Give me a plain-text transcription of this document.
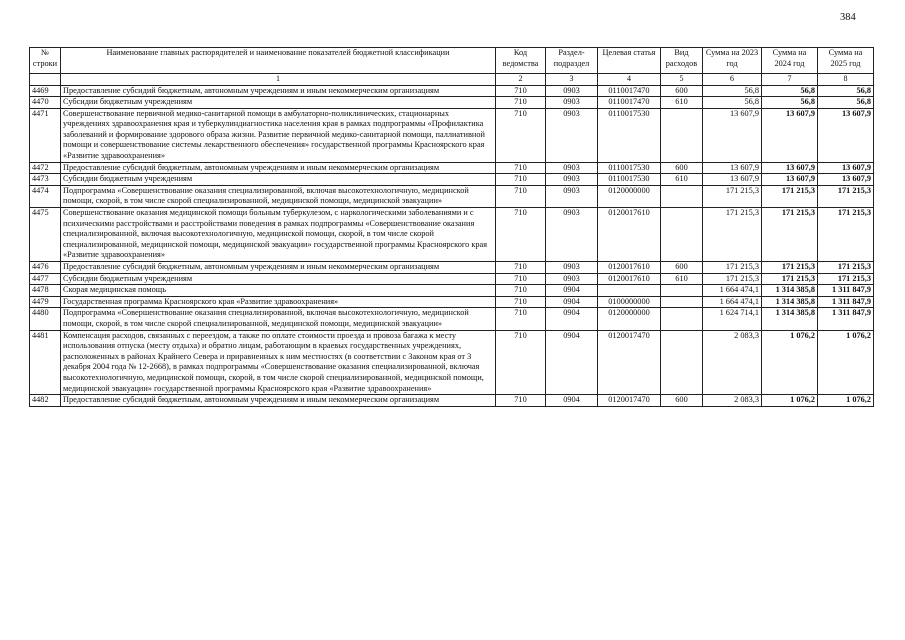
384
№ строки	Наименование главных распорядителей и наименование показателей бюджетной классификации	Код ведомства	Раздел-подраздел	Целевая статья	Вид расходов	Сумма на 2023 год	Сумма на 2024 год	Сумма на 2025 год
	1	2	3	4	5	6	7	8
4469	Предоставление субсидий бюджетным, автономным учреждениям и иным некоммерческим организациям	710	0903	0110017470	600	56,8	56,8	56,8
4470	Субсидии бюджетным учреждениям	710	0903	0110017470	610	56,8	56,8	56,8
4471	Совершенствование первичной медико-санитарной помощи в амбулаторно-поликлинических, стационарных учреждениях здравоохранения края и туберкулиндиагностика населения края в рамках подпрограммы «Профилактика заболеваний и формирование здорового образа жизни. Развитие первичной медико-санитарной помощи, паллиативной помощи и совершенствование системы лекарственного обеспечения» государственной программы Красноярского края «Развитие здравоохранения»	710	0903	0110017530		13 607,9	13 607,9	13 607,9
4472	Предоставление субсидий бюджетным, автономным учреждениям и иным некоммерческим организациям	710	0903	0110017530	600	13 607,9	13 607,9	13 607,9
4473	Субсидии бюджетным учреждениям	710	0903	0110017530	610	13 607,9	13 607,9	13 607,9
4474	Подпрограмма «Совершенствование оказания специализированной, включая высокотехнологичную, медицинской помощи, скорой, в том числе скорой специализированной, медицинской помощи, медицинской эвакуации»	710	0903	0120000000		171 215,3	171 215,3	171 215,3
4475	Совершенствование оказания медицинской помощи больным туберкулезом, с наркологическими заболеваниями и с психическими расстройствами и расстройствами поведения в рамках подпрограммы «Совершенствование оказания специализированной, включая высокотехнологичную, медицинской помощи, скорой, в том числе скорой специализированной, медицинской помощи, медицинской эвакуации» государственной программы Красноярского края «Развитие здравоохранения»	710	0903	0120017610		171 215,3	171 215,3	171 215,3
4476	Предоставление субсидий бюджетным, автономным учреждениям и иным некоммерческим организациям	710	0903	0120017610	600	171 215,3	171 215,3	171 215,3
4477	Субсидии бюджетным учреждениям	710	0903	0120017610	610	171 215,3	171 215,3	171 215,3
4478	Скорая медицинская помощь	710	0904			1 664 474,1	1 314 385,8	1 311 847,9
4479	Государственная программа Красноярского края «Развитие здравоохранения»	710	0904	0100000000		1 664 474,1	1 314 385,8	1 311 847,9
4480	Подпрограмма «Совершенствование оказания специализированной, включая высокотехнологичную, медицинской помощи, скорой, в том числе скорой специализированной, медицинской помощи, медицинской эвакуации»	710	0904	0120000000		1 624 714,1	1 314 385,8	1 311 847,9
4481	Компенсация расходов, связанных с переездом, а также по оплате стоимости проезда и провоза багажа к месту использования отпуска (месту отдыха) и обратно лицам, работающим в краевых государственных учреждениях, расположенных в районах Крайнего Севера и приравненных к ним местностях (в соответствии с Законом края от 3 декабря 2004 года № 12-2668), в рамках подпрограммы «Совершенствование оказания специализированной, включая высокотехнологичную, медицинской помощи, скорой, в том числе скорой специализированной, медицинской помощи, медицинской эвакуации» государственной программы Красноярского края «Развитие здравоохранения»	710	0904	0120017470		2 083,3	1 076,2	1 076,2
4482	Предоставление субсидий бюджетным, автономным учреждениям и иным некоммерческим организациям	710	0904	0120017470	600	2 083,3	1 076,2	1 076,2
